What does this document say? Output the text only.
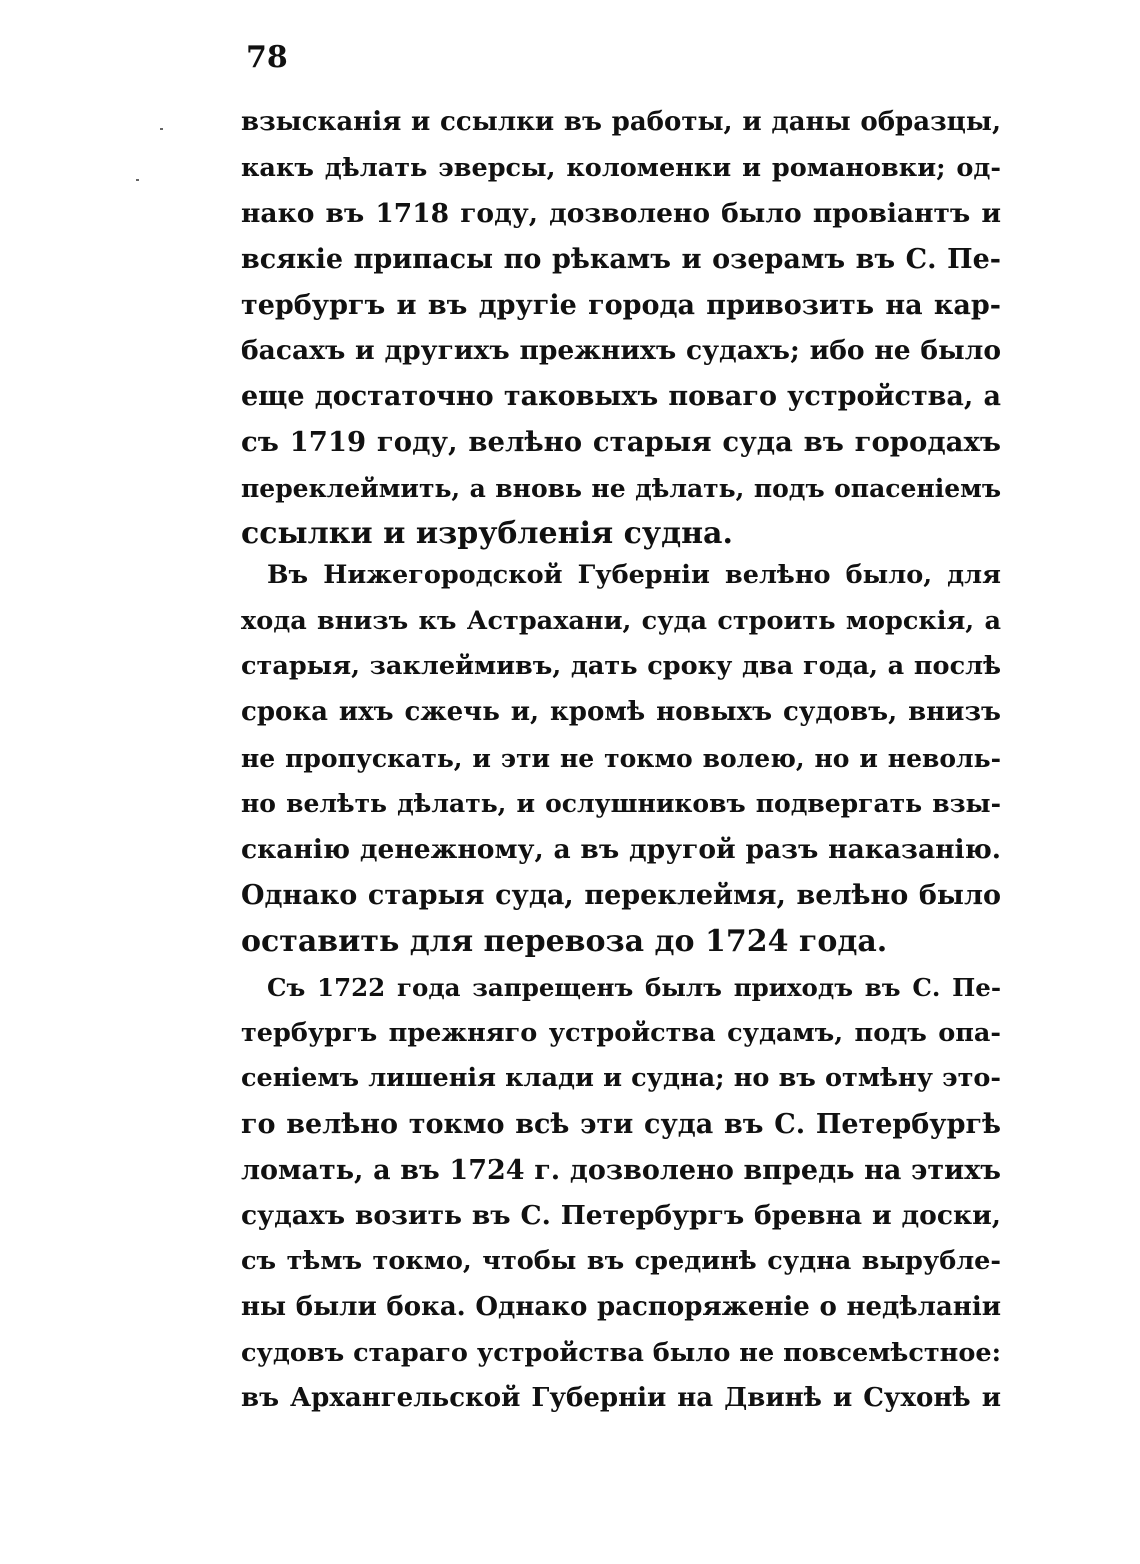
78
взысканія и ссылки въ работы, и даны образцы,
какъ дѣлать эверсы, коломенки и романовки; од-
нако въ 1718 году, дозволено было провіантъ и
всякіе припасы по рѣкамъ и озерамъ въ С. Пе-
тербургъ и въ другіе города привозить на кар-
басахъ и другихъ прежнихъ судахъ; ибо не было
еще достаточно таковыхъ поваго устройства, а
съ 1719 году, велѣно старыя суда въ городахъ
переклеймить, а вновь не дѣлать, подъ опасеніемъ
ссылки и изрубленія судна.
Въ Нижегородской Губерніи велѣно было, для
хода внизъ къ Астрахани, суда строить морскія, а
старыя, заклеймивъ, дать сроку два года, а послѣ
срока ихъ сжечь и, кромѣ новыхъ судовъ, внизъ
не пропускать, и эти не токмо волею, но и неволь-
но велѣть дѣлать, и ослушниковъ подвергать взы-
сканію денежному, а въ другой разъ наказанію.
Однако старыя суда, переклеймя, велѣно было
оставить для перевоза до 1724 года.
Съ 1722 года запрещенъ былъ приходъ въ С. Пе-
тербургъ прежняго устройства судамъ, подъ опа-
сеніемъ лишенія клади и судна; но въ отмѣну это-
го велѣно токмо всѣ эти суда въ С. Петербургѣ
ломать, а въ 1724 г. дозволено впредь на этихъ
судахъ возить въ С. Петербургъ бревна и доски,
съ тѣмъ токмо, чтобы въ срединѣ судна вырубле-
ны были бока. Однако распоряженіе о недѣланіи
судовъ стараго устройства было не повсемѣстное:
въ Архангельской Губерніи на Двинѣ и Сухонѣ и
